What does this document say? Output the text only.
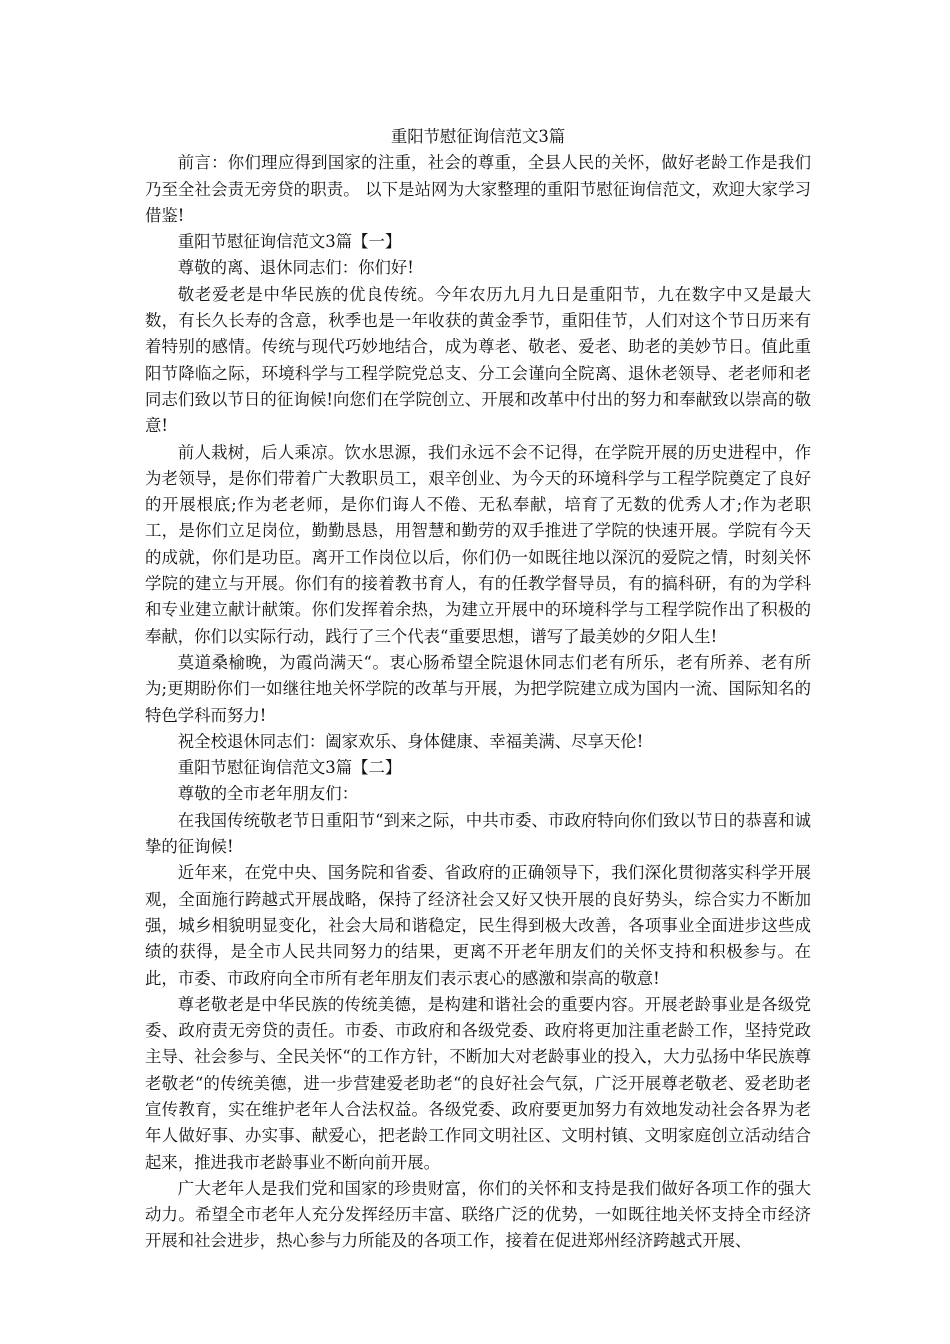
重阳节慰征询信范文3篇

前言：你们理应得到国家的注重，社会的尊重，全县人民的关怀，做好老龄工作是我们乃至全社会责无旁贷的职责。 以下是站网为大家整理的重阳节慰征询信范文，欢迎大家学习借鉴!

重阳节慰征询信范文3篇【一】

尊敬的离、退休同志们：你们好!

敬老爱老是中华民族的优良传统。今年农历九月九日是重阳节，九在数字中又是最大数，有长久长寿的含意，秋季也是一年收获的黄金季节，重阳佳节，人们对这个节日历来有着特别的感情。传统与现代巧妙地结合，成为尊老、敬老、爱老、助老的美妙节日。值此重阳节降临之际，环境科学与工程学院党总支、分工会谨向全院离、退休老领导、老老师和老同志们致以节日的征询候!向您们在学院创立、开展和改革中付出的努力和奉献致以崇高的敬意!

前人栽树，后人乘凉。饮水思源，我们永远不会不记得，在学院开展的历史进程中，作为老领导，是你们带着广大教职员工，艰辛创业、为今天的环境科学与工程学院奠定了良好的开展根底;作为老老师，是你们诲人不倦、无私奉献，培育了无数的优秀人才;作为老职工，是你们立足岗位，勤勤恳恳，用智慧和勤劳的双手推进了学院的快速开展。学院有今天的成就，你们是功臣。离开工作岗位以后，你们仍一如既往地以深沉的爱院之情，时刻关怀学院的建立与开展。你们有的接着教书育人，有的任教学督导员，有的搞科研，有的为学科和专业建立献计献策。你们发挥着余热，为建立开展中的环境科学与工程学院作出了积极的奉献，你们以实际行动，践行了三个代表“重要思想，谱写了最美妙的夕阳人生!

莫道桑榆晚，为霞尚满天“。衷心肠希望全院退休同志们老有所乐，老有所养、老有所为;更期盼你们一如继往地关怀学院的改革与开展，为把学院建立成为国内一流、国际知名的特色学科而努力!

祝全校退休同志们：阖家欢乐、身体健康、幸福美满、尽享天伦!

重阳节慰征询信范文3篇【二】

尊敬的全市老年朋友们：

在我国传统敬老节日重阳节“到来之际，中共市委、市政府特向你们致以节日的恭喜和诚挚的征询候!

近年来，在党中央、国务院和省委、省政府的正确领导下，我们深化贯彻落实科学开展观，全面施行跨越式开展战略，保持了经济社会又好又快开展的良好势头，综合实力不断加强，城乡相貌明显变化，社会大局和谐稳定，民生得到极大改善，各项事业全面进步这些成绩的获得，是全市人民共同努力的结果，更离不开老年朋友们的关怀支持和积极参与。在此，市委、市政府向全市所有老年朋友们表示衷心的感激和崇高的敬意!

尊老敬老是中华民族的传统美德，是构建和谐社会的重要内容。开展老龄事业是各级党委、政府责无旁贷的责任。市委、市政府和各级党委、政府将更加注重老龄工作，坚持党政主导、社会参与、全民关怀“的工作方针，不断加大对老龄事业的投入，大力弘扬中华民族尊老敬老“的传统美德，进一步营建爱老助老“的良好社会气氛，广泛开展尊老敬老、爱老助老宣传教育，实在维护老年人合法权益。各级党委、政府要更加努力有效地发动社会各界为老年人做好事、办实事、献爱心，把老龄工作同文明社区、文明村镇、文明家庭创立活动结合起来，推进我市老龄事业不断向前开展。

广大老年人是我们党和国家的珍贵财富，你们的关怀和支持是我们做好各项工作的强大动力。希望全市老年人充分发挥经历丰富、联络广泛的优势，一如既往地关怀支持全市经济开展和社会进步，热心参与力所能及的各项工作，接着在促进郑州经济跨越式开展、
